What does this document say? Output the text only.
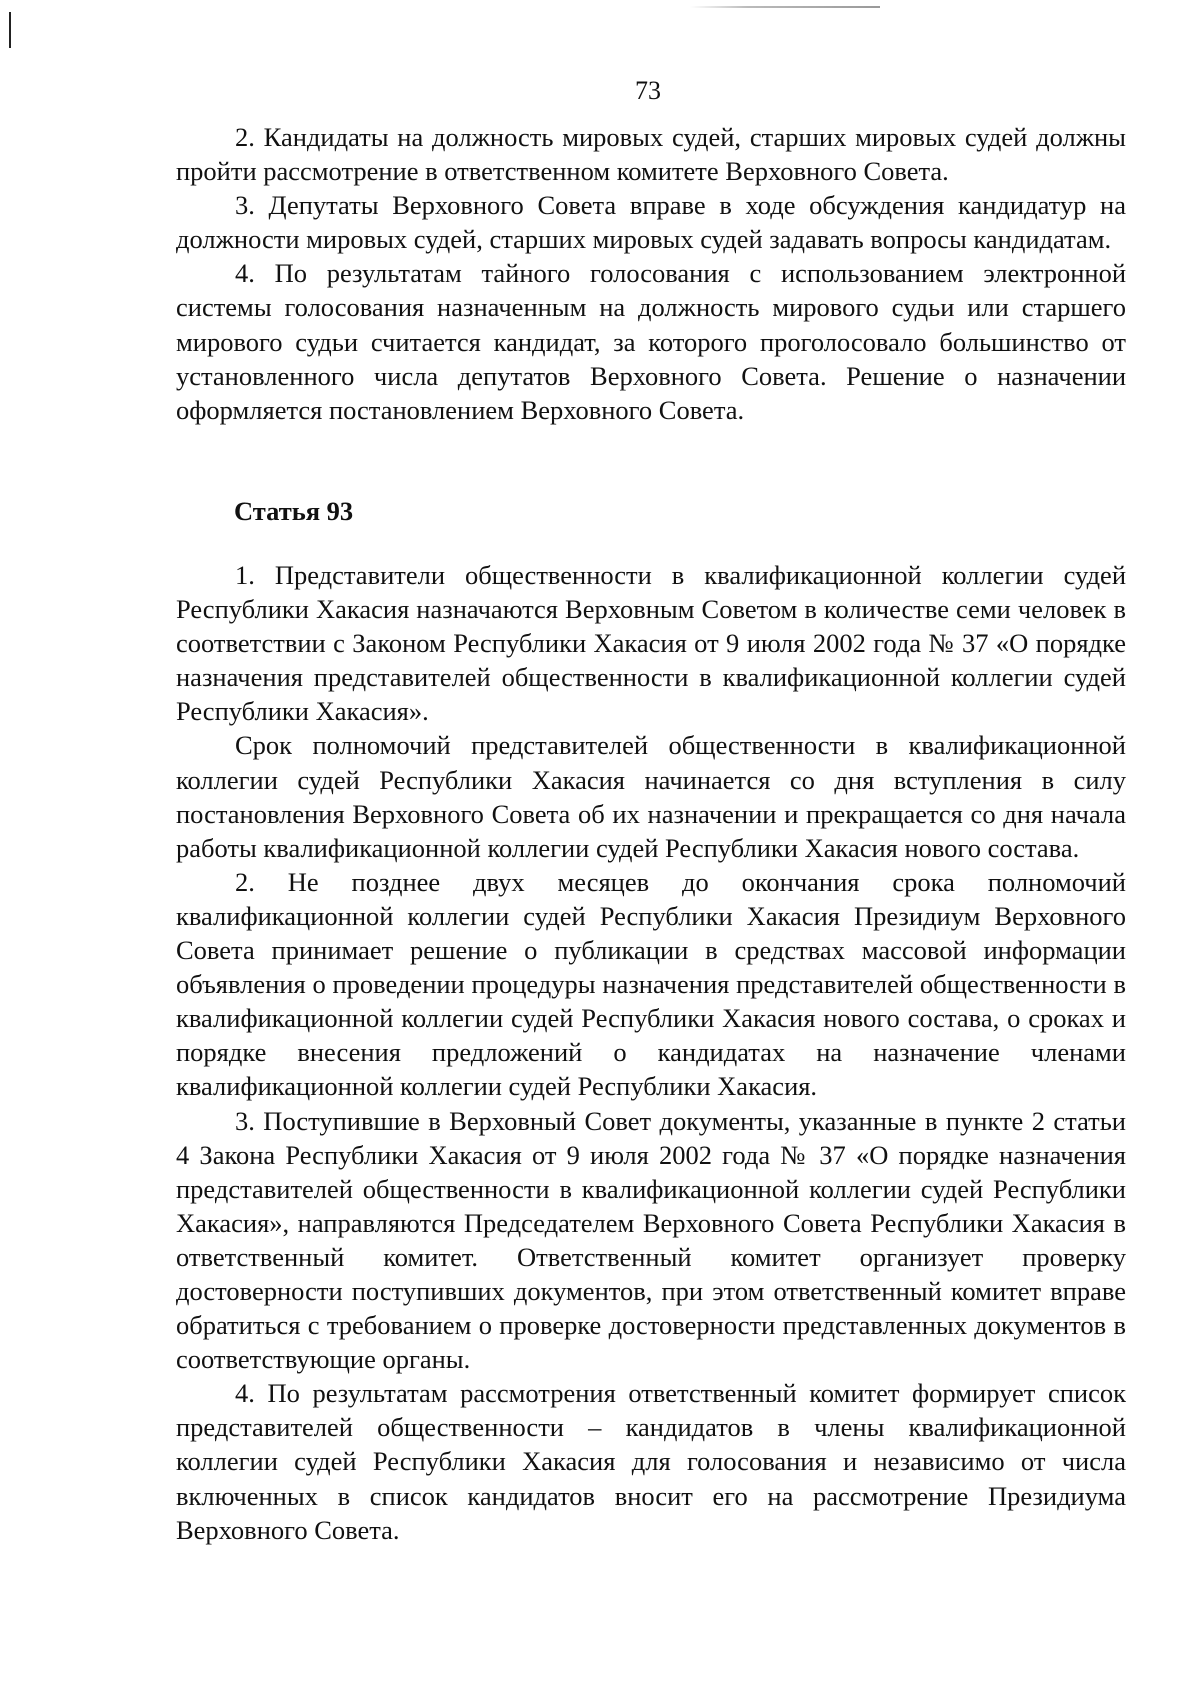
73

2. Кандидаты на должность мировых судей, старших мировых судей должны пройти рассмотрение в ответственном комитете Верховного Совета.

3. Депутаты Верховного Совета вправе в ходе обсуждения кандидатур на должности мировых судей, старших мировых судей задавать вопросы кандидатам.

4. По результатам тайного голосования с использованием электронной системы голосования назначенным на должность мирового судьи или старшего мирового судьи считается кандидат, за которого проголосовало большинство от установленного числа депутатов Верховного Совета. Решение о назначении оформляется постановлением Верховного Совета.

Статья 93

1. Представители общественности в квалификационной коллегии судей Республики Хакасия назначаются Верховным Советом в количестве семи человек в соответствии с Законом Республики Хакасия от 9 июля 2002 года № 37 «О порядке назначения представителей общественности в квалификационной коллегии судей Республики Хакасия».

Срок полномочий представителей общественности в квалификационной коллегии судей Республики Хакасия начинается со дня вступления в силу постановления Верховного Совета об их назначении и прекращается со дня начала работы квалификационной коллегии судей Республики Хакасия нового состава.

2. Не позднее двух месяцев до окончания срока полномочий квалификационной коллегии судей Республики Хакасия Президиум Верховного Совета принимает решение о публикации в средствах массовой информации объявления о проведении процедуры назначения представителей общественности в квалификационной коллегии судей Республики Хакасия нового состава, о сроках и порядке внесения предложений о кандидатах на назначение членами квалификационной коллегии судей Республики Хакасия.

3. Поступившие в Верховный Совет документы, указанные в пункте 2 статьи 4 Закона Республики Хакасия от 9 июля 2002 года № 37 «О порядке назначения представителей общественности в квалификационной коллегии судей Республики Хакасия», направляются Председателем Верховного Совета Республики Хакасия в ответственный комитет. Ответственный комитет организует проверку достоверности поступивших документов, при этом ответственный комитет вправе обратиться с требованием о проверке достоверности представленных документов в соответствующие органы.

4. По результатам рассмотрения ответственный комитет формирует список представителей общественности – кандидатов в члены квалификационной коллегии судей Республики Хакасия для голосования и независимо от числа включенных в список кандидатов вносит его на рассмотрение Президиума Верховного Совета.
